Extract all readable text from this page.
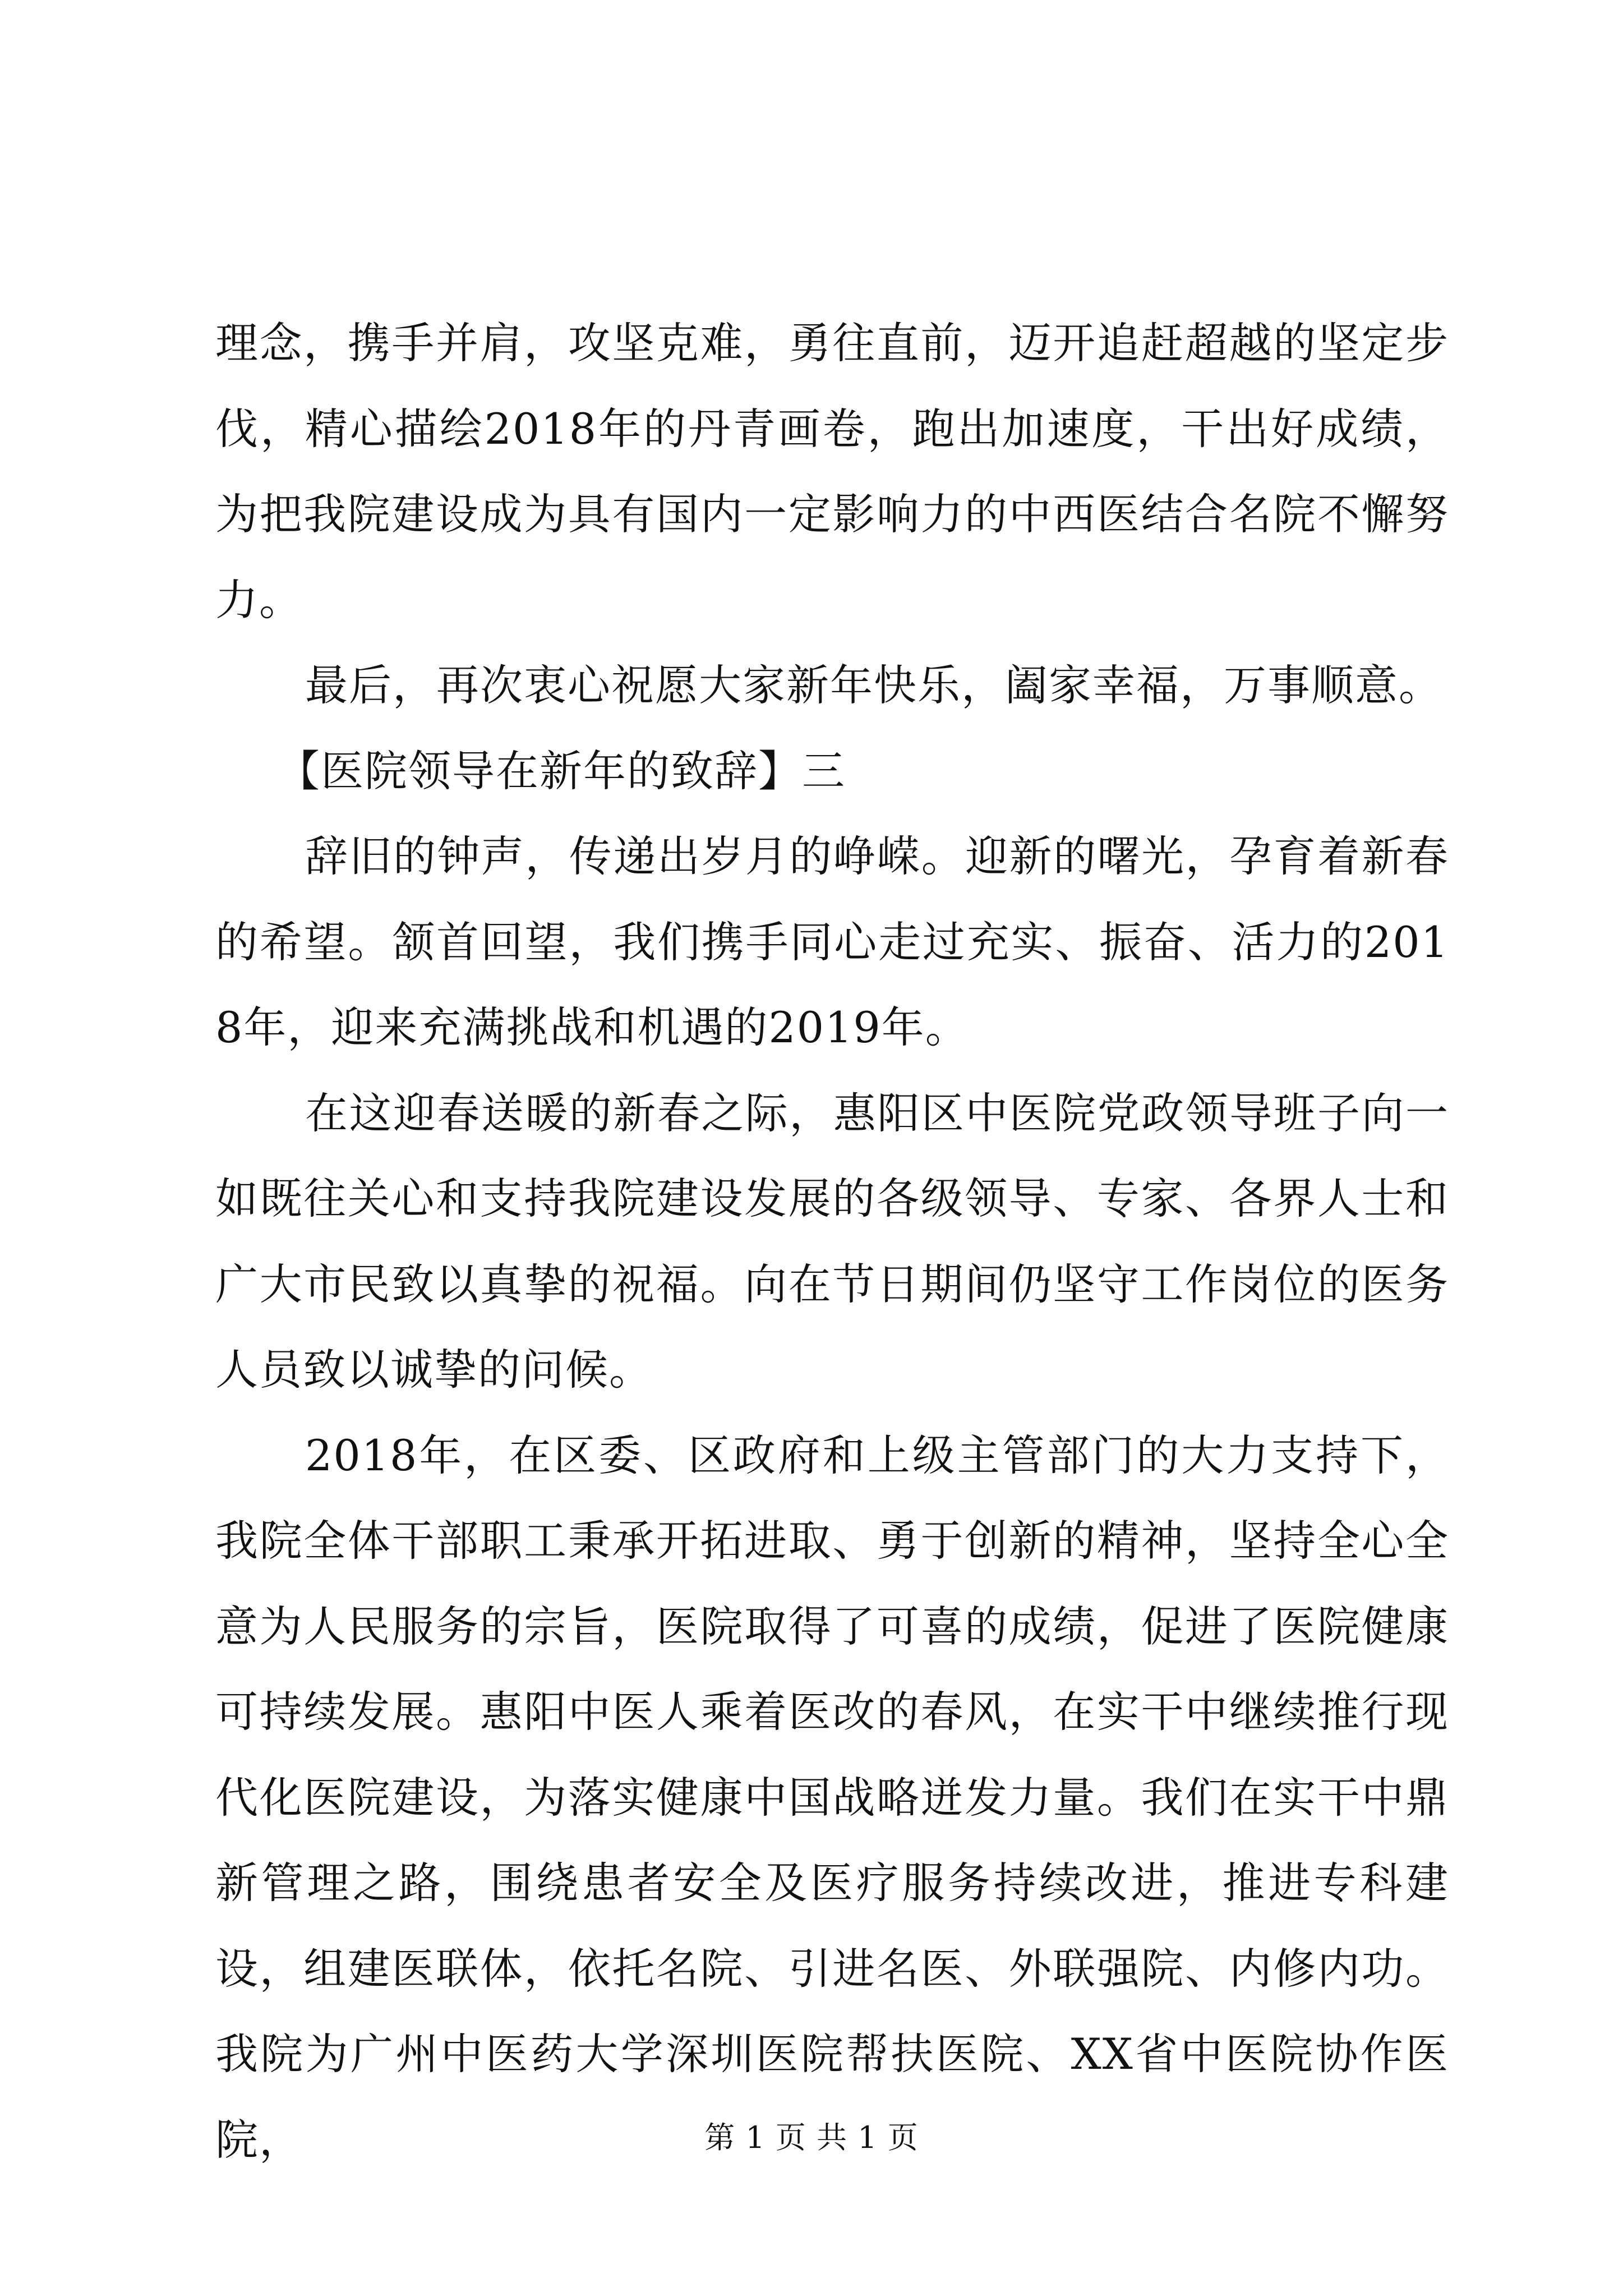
理念，携手并肩，攻坚克难，勇往直前，迈开追赶超越的坚定步伐，精心描绘2018年的丹青画卷，跑出加速度，干出好成绩，为把我院建设成为具有国内一定影响力的中西医结合名院不懈努力。

最后，再次衷心祝愿大家新年快乐，阖家幸福，万事顺意。

【医院领导在新年的致辞】三

辞旧的钟声，传递出岁月的峥嵘。迎新的曙光，孕育着新春的希望。颔首回望，我们携手同心走过充实、振奋、活力的2018年，迎来充满挑战和机遇的2019年。

在这迎春送暖的新春之际，惠阳区中医院党政领导班子向一如既往关心和支持我院建设发展的各级领导、专家、各界人士和广大市民致以真挚的祝福。向在节日期间仍坚守工作岗位的医务人员致以诚挚的问候。

2018年，在区委、区政府和上级主管部门的大力支持下，我院全体干部职工秉承开拓进取、勇于创新的精神，坚持全心全意为人民服务的宗旨，医院取得了可喜的成绩，促进了医院健康可持续发展。惠阳中医人乘着医改的春风，在实干中继续推行现代化医院建设，为落实健康中国战略迸发力量。我们在实干中鼎新管理之路，围绕患者安全及医疗服务持续改进，推进专科建设，组建医联体，依托名院、引进名医、外联强院、内修内功。我院为广州中医药大学深圳医院帮扶医院、XX省中医院协作医院，	第 1 页 共 1 页
